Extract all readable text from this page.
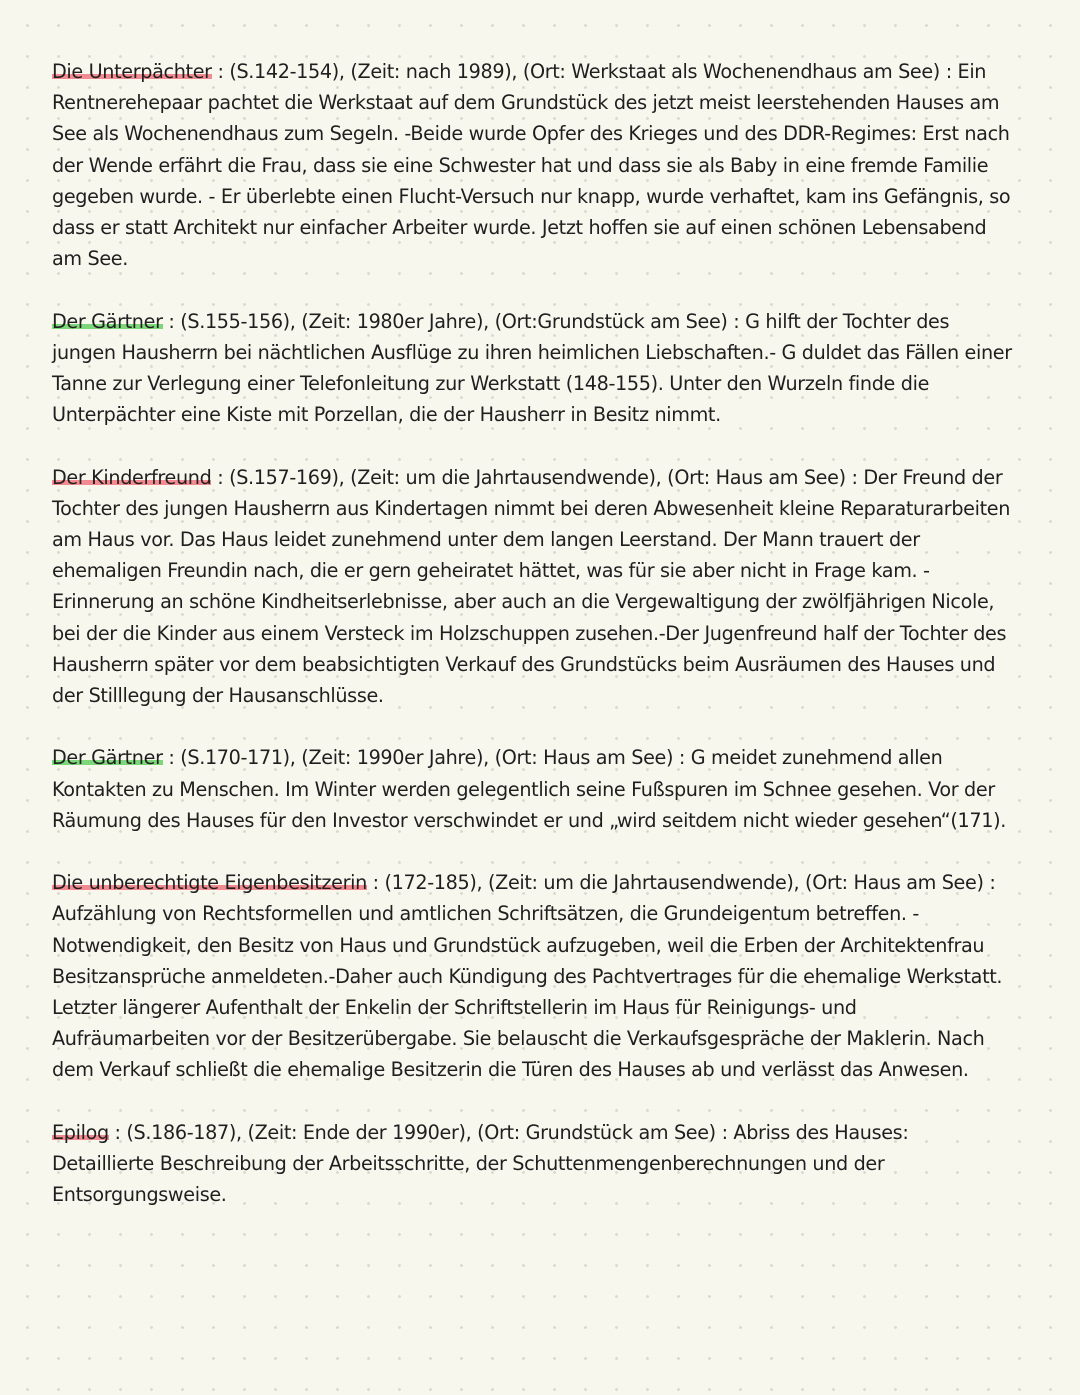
Die Unterpächter : (S.142-154), (Zeit: nach 1989), (Ort: Werkstaat als Wochenendhaus am See) : Ein Rentnerehepaar pachtet die Werkstaat auf dem Grundstück des jetzt meist leerstehenden Hauses am See als Wochenendhaus zum Segeln. -Beide wurde Opfer des Krieges und des DDR-Regimes: Erst nach der Wende erfährt die Frau, dass sie eine Schwester hat und dass sie als Baby in eine fremde Familie gegeben wurde. - Er überlebte einen Flucht-Versuch nur knapp, wurde verhaftet, kam ins Gefängnis, so dass er statt Architekt nur einfacher Arbeiter wurde. Jetzt hoffen sie auf einen schönen Lebensabend am See.

Der Gärtner : (S.155-156), (Zeit: 1980er Jahre), (Ort:Grundstück am See) : G hilft der Tochter des jungen Hausherrn bei nächtlichen Ausflüge zu ihren heimlichen Liebschaften.- G duldet das Fällen einer Tanne zur Verlegung einer Telefonleitung zur Werkstatt (148-155). Unter den Wurzeln finde die Unterpächter eine Kiste mit Porzellan, die der Hausherr in Besitz nimmt.

Der Kinderfreund : (S.157-169), (Zeit: um die Jahrtausendwende), (Ort: Haus am See) : Der Freund der Tochter des jungen Hausherrn aus Kindertagen nimmt bei deren Abwesenheit kleine Reparaturarbeiten am Haus vor. Das Haus leidet zunehmend unter dem langen Leerstand. Der Mann trauert der ehemaligen Freundin nach, die er gern geheiratet hättet, was für sie aber nicht in Frage kam. -Erinnerung an schöne Kindheitserlebnisse, aber auch an die Vergewaltigung der zwölfjährigen Nicole, bei der die Kinder aus einem Versteck im Holzschuppen zusehen.-Der Jugenfreund half der Tochter des Hausherrn später vor dem beabsichtigten Verkauf des Grundstücks beim Ausräumen des Hauses und der Stilllegung der Hausanschlüsse.

Der Gärtner : (S.170-171), (Zeit: 1990er Jahre), (Ort: Haus am See) : G meidet zunehmend allen Kontakten zu Menschen. Im Winter werden gelegentlich seine Fußspuren im Schnee gesehen. Vor der Räumung des Hauses für den Investor verschwindet er und „wird seitdem nicht wieder gesehen“(171).

Die unberechtigte Eigenbesitzerin : (172-185), (Zeit: um die Jahrtausendwende), (Ort: Haus am See) : Aufzählung von Rechtsformellen und amtlichen Schriftsätzen, die Grundeigentum betreffen. - Notwendigkeit, den Besitz von Haus und Grundstück aufzugeben, weil die Erben der Architektenfrau Besitzansprüche anmeldeten.-Daher auch Kündigung des Pachtvertrages für die ehemalige Werkstatt. Letzter längerer Aufenthalt der Enkelin der Schriftstellerin im Haus für Reinigungs- und Aufräumarbeiten vor der Besitzerübergabe. Sie belauscht die Verkaufsgespräche der Maklerin. Nach dem Verkauf schließt die ehemalige Besitzerin die Türen des Hauses ab und verlässt das Anwesen.

Epilog : (S.186-187), (Zeit: Ende der 1990er), (Ort: Grundstück am See) : Abriss des Hauses: Detaillierte Beschreibung der Arbeitsschritte, der Schuttenmengenberechnungen und der Entsorgungsweise.
